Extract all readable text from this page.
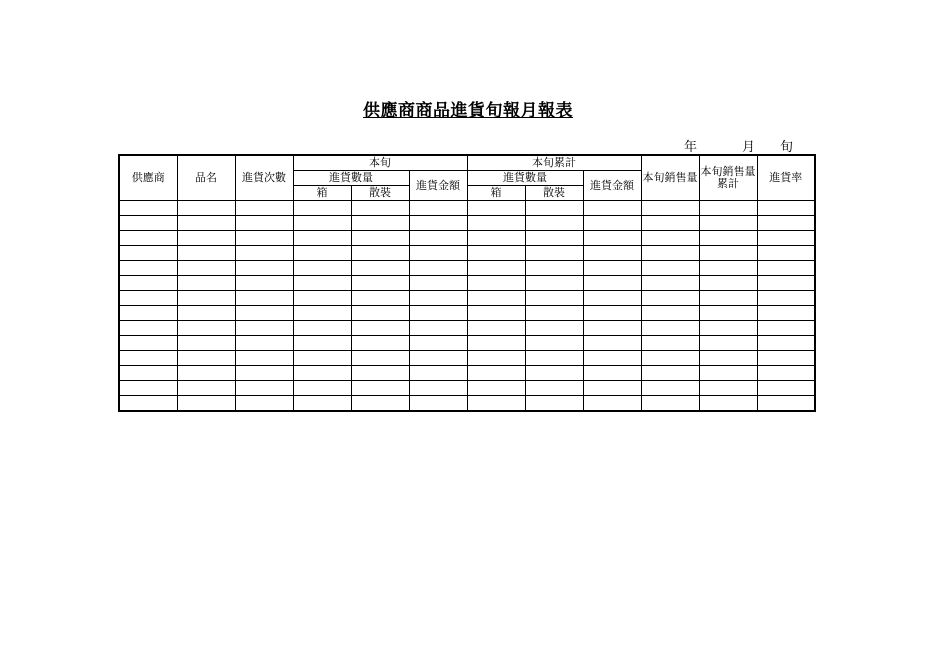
供應商商品進貨旬報月報表
年	月 旬
供應商	品名	進貨次數	本旬			本旬累計			本旬銷售量	本旬銷售量累計	進貨率
			進貨數量		進貨金額	進貨數量		進貨金額			
			箱	散裝		箱	散裝				
